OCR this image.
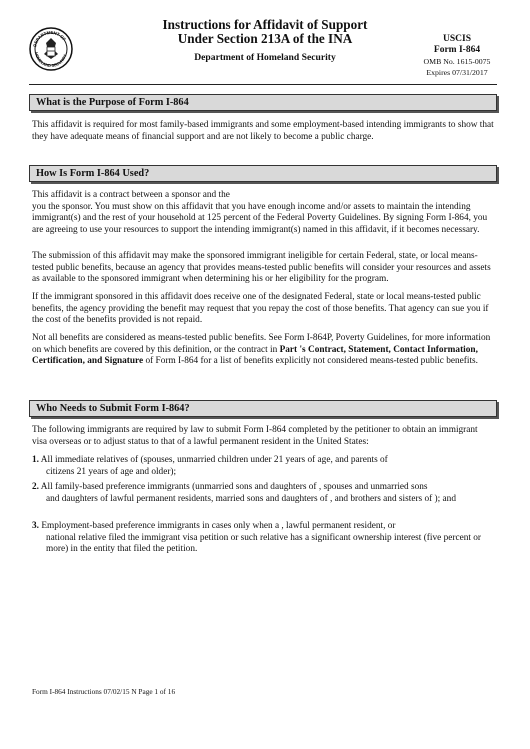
DEPARTMENT OF
HOMELAND SECURITY
Instructions for Affidavit of Support
Under Section 213A of the INA
Department of Homeland Security
USCIS
Form I-864
OMB No. 1615-0075
Expires 07/31/2017
What is the Purpose of Form I-864

This affidavit is required for most family-based immigrants and some employment-based intending immigrants to show that they have adequate means of financial support and are not likely to become a public charge.

How Is Form I-864 Used?

This affidavit is a contract between a sponsor and the
you the sponsor. You must show on this affidavit that you have enough income and/or assets to maintain the intending immigrant(s) and the rest of your household at 125 percent of the Federal Poverty Guidelines. By signing Form I-864, you are agreeing to use your resources to support the intending immigrant(s) named in this affidavit, if it becomes necessary.

The submission of this affidavit may make the sponsored immigrant ineligible for certain Federal, state, or local means-tested public benefits, because an agency that provides means-tested public benefits will consider your resources and assets as available to the sponsored immigrant when determining his or her eligibility for the program.

If the immigrant sponsored in this affidavit does receive one of the designated Federal, state or local means-tested public benefits, the agency providing the benefit may request that you repay the cost of those benefits. That agency can sue you if the cost of the benefits provided is not repaid.

Not all benefits are considered as means-tested public benefits. See Form I-864P, Poverty Guidelines, for more information on which benefits are covered by this definition, or the contract in Part 's Contract, Statement, Contact Information, Certification, and Signature of Form I-864 for a list of benefits explicitly not considered means-tested public benefits.

Who Needs to Submit Form I-864?

The following immigrants are required by law to submit Form I-864 completed by the petitioner to obtain an immigrant visa overseas or to adjust status to that of a lawful permanent resident in the United States:

1. All immediate relatives of (spouses, unmarried children under 21 years of age, and parents of
citizens 21 years of age and older);
2. All family-based preference immigrants (unmarried sons and daughters of , spouses and unmarried sons
and daughters of lawful permanent residents, married sons and daughters of , and brothers and sisters of ); and
3. Employment-based preference immigrants in cases only when a , lawful permanent resident, or
national relative filed the immigrant visa petition or such relative has a significant ownership interest (five percent or more) in the entity that filed the petition.
Form I-864 Instructions 07/02/15 N Page 1 of 16
